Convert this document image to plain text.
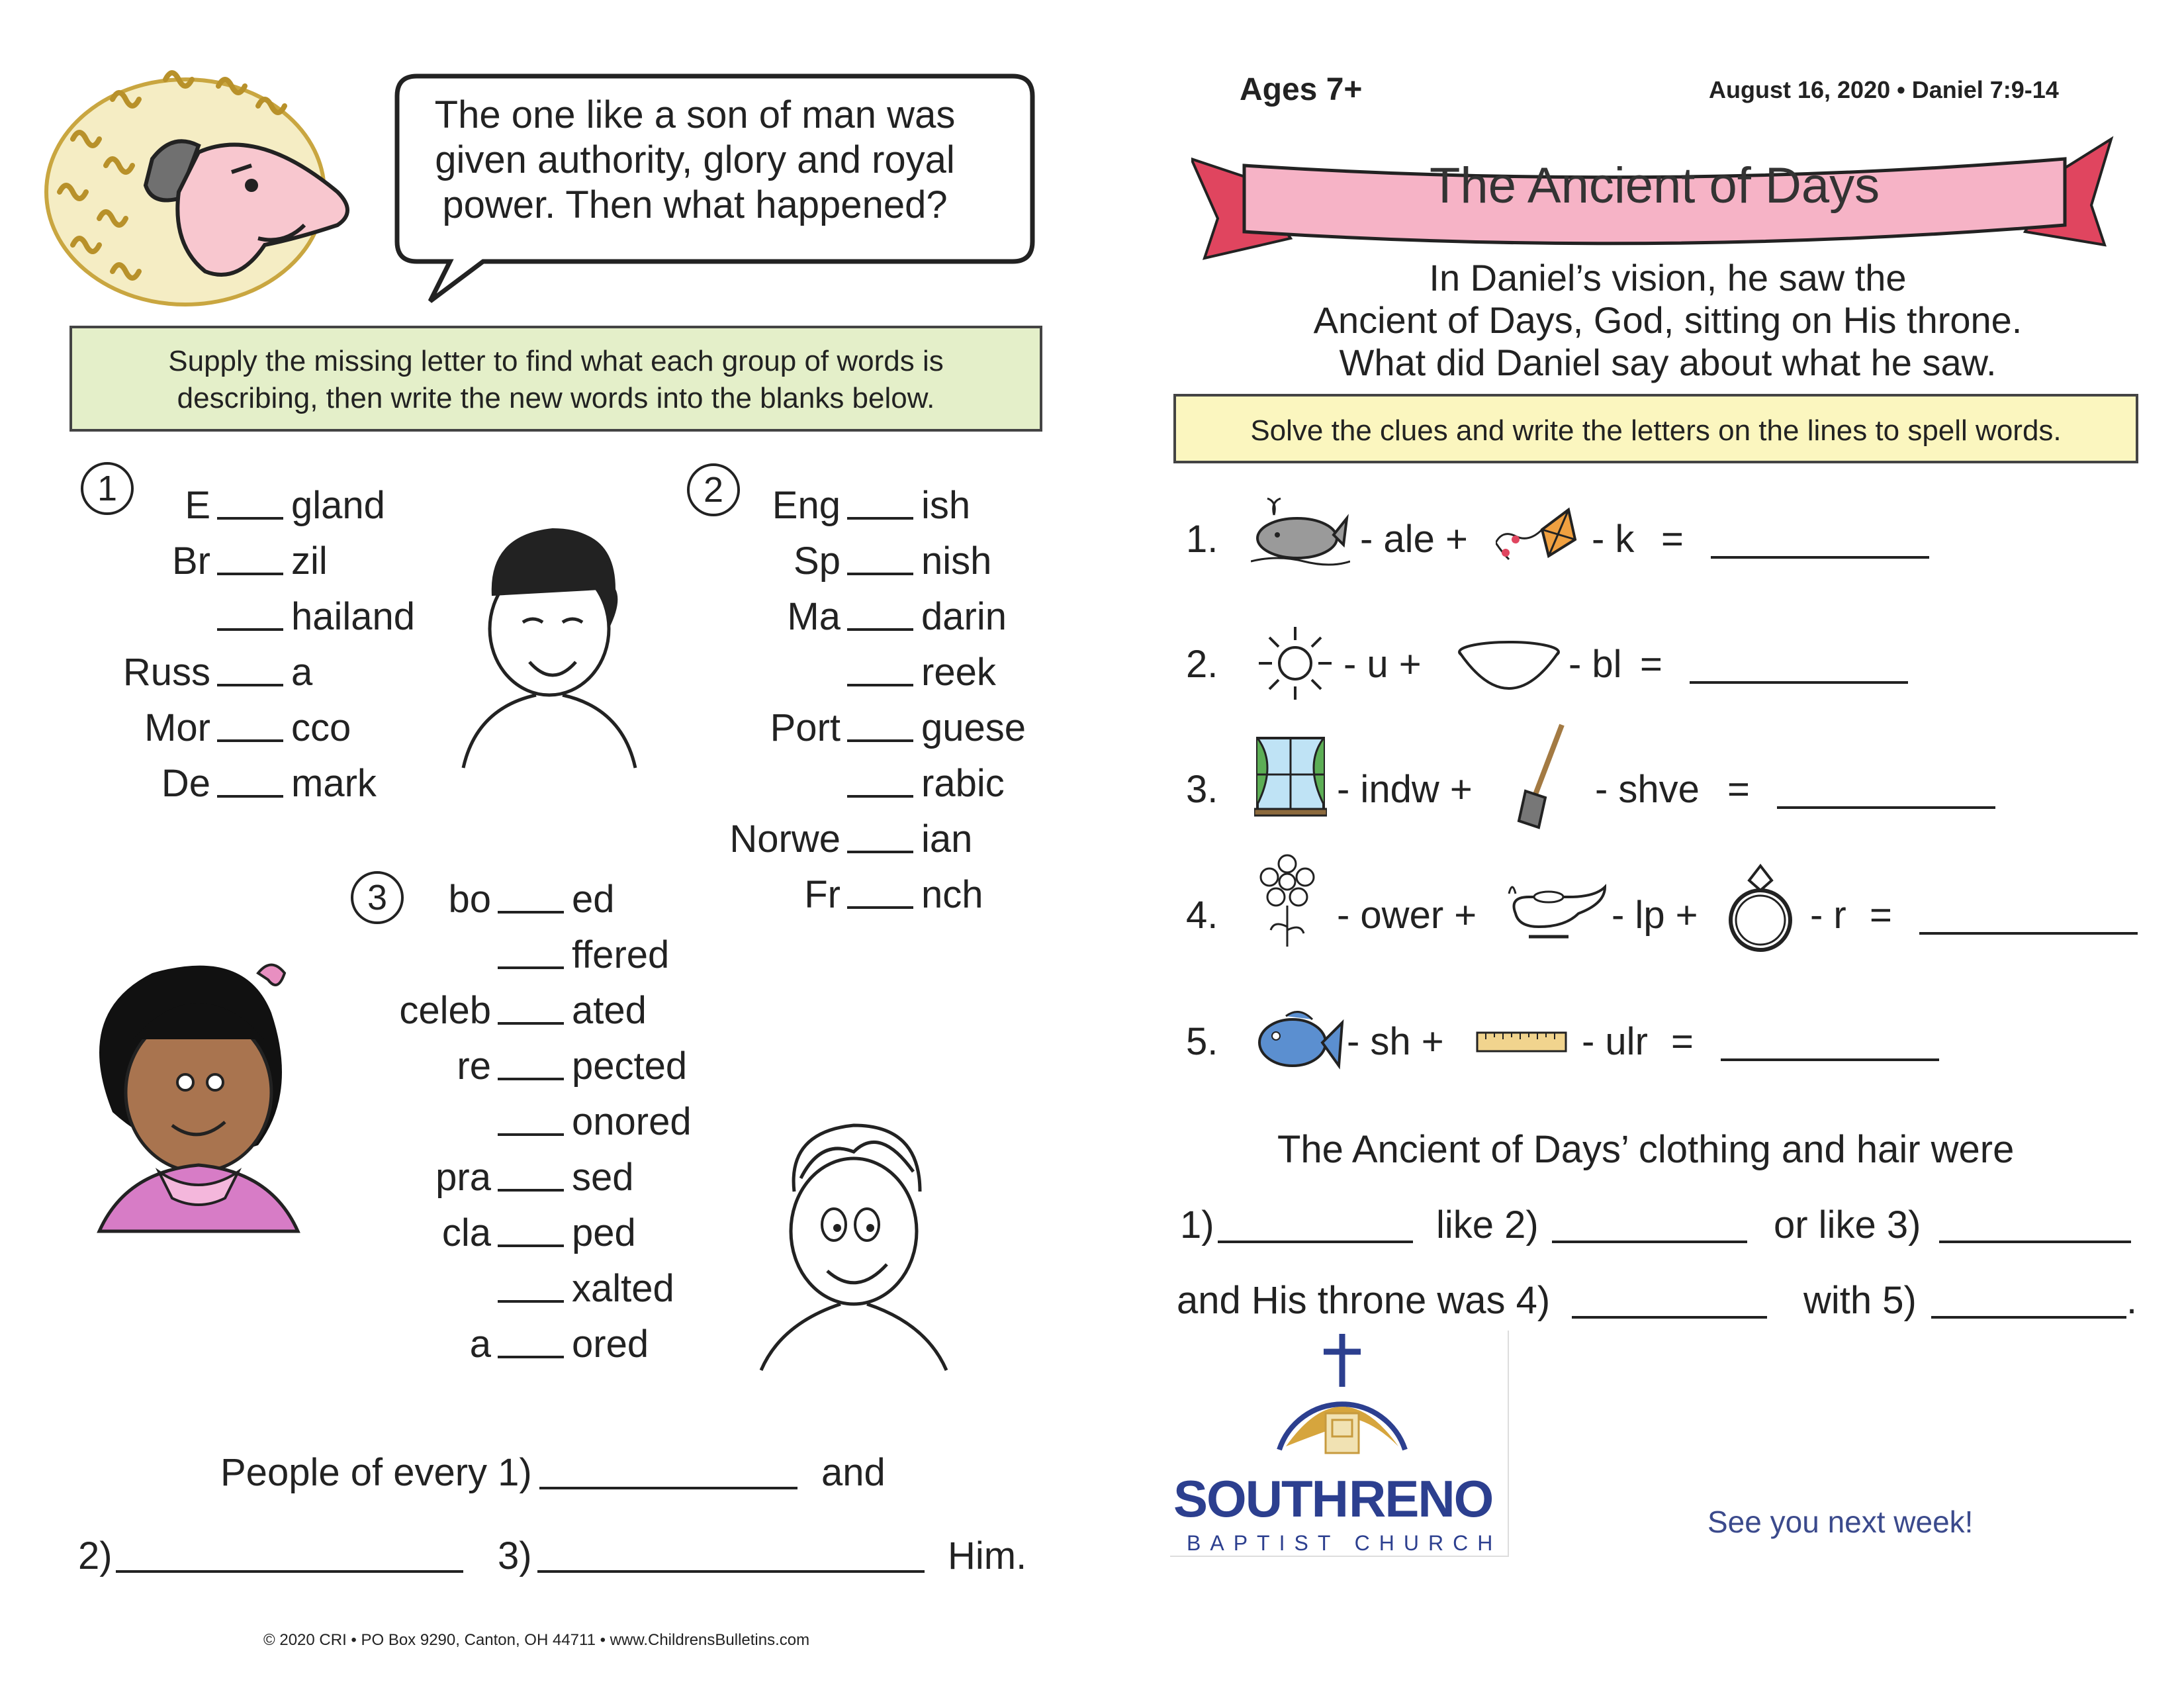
The one like a son of man was
given authority, glory and royal
power. Then what happened?
Supply the missing letter to find what each group of words is
describing, then write the new words into the blanks below.
1	E gland
Br zil
hailand
Russ a
Mor cco
De mark
Eng ish
Sp nish
Ma darin
reek
Port guese
rabic
Norwe ian
Fr nch
bo ed
ffered
celeb ated
re pected
onored
pra sed
cla ped
xalted
a ored
2
3
People of every 1)	and
2)	3)	Him.
© 2020 CRI • PO Box 9290, Canton, OH 44711 • www.ChildrensBulletins.com
Ages 7+	August 16, 2020 • Daniel 7:9-14
The Ancient of Days
In Daniel’s vision, he saw the
Ancient of Days, God, sitting on His throne.
What did Daniel say about what he saw.
Solve the clues and write the letters on the lines to spell words.
1.	- ale +	- k =
2.	- u +	- bl =
3.	- indw +	- shve =
4.	- ower +	- lp +	- r =
5.	- sh +	- ulr =
The Ancient of Days’ clothing and hair were
1)	like 2)	or like 3)
and His throne was 4)	with 5)	.
SOUTH RENO
BAPTIST CHURCH
See you next week!
